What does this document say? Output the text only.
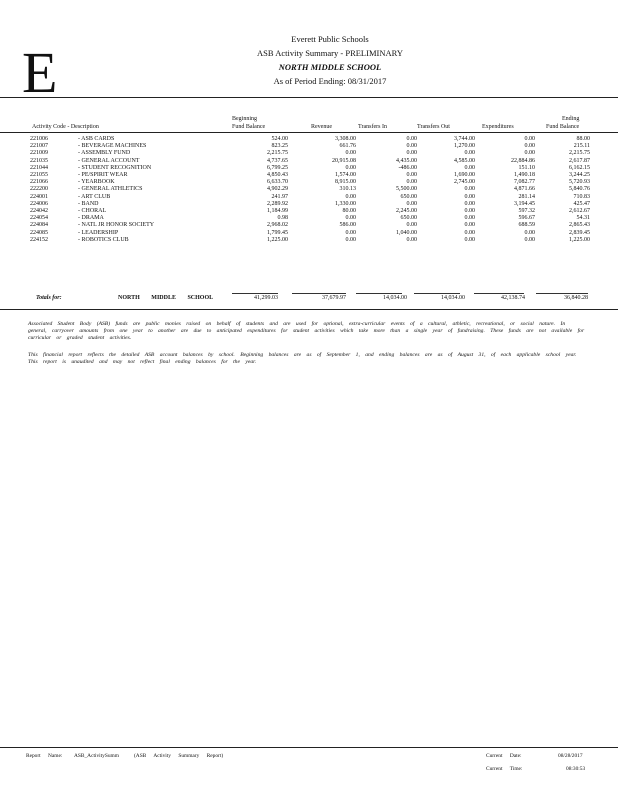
E
Everett Public Schools
ASB Activity Summary - PRELIMINARY
NORTH MIDDLE SCHOOL
As of Period Ending: 08/31/2017
Activity Code - Description
Beginning
Fund Balance	Revenue	Transfers In	Transfers Out	Expenditures
Ending
Fund Balance
221006	- ASB CARDS	524.00	3,308.00	0.00	3,744.00	0.00	88.00
221007	- BEVERAGE MACHINES	823.25	661.76	0.00	1,270.00	0.00	215.11
221009	- ASSEMBLY FUND	2,215.75	0.00	0.00	0.00	0.00	2,215.75
221035	- GENERAL ACCOUNT	4,737.65	20,915.08	4,435.00	4,585.00	22,884.86	2,617.87
221044	- STUDENT RECOGNITION	6,799.25	0.00	-486.00	0.00	151.10	6,162.15
221055	- PE/SPIRIT WEAR	4,850.43	1,574.00	0.00	1,690.00	1,490.18	3,244.25
221066	- YEARBOOK	6,633.70	8,915.00	0.00	2,745.00	7,082.77	5,720.93
222200	- GENERAL ATHLETICS	4,902.29	310.13	5,500.00	0.00	4,871.66	5,840.76
224001	- ART CLUB	241.97	0.00	650.00	0.00	281.14	710.83
224006	- BAND	2,289.92	1,330.00	0.00	0.00	3,194.45	425.47
224042	- CHORAL	1,184.99	80.00	2,245.00	0.00	597.32	2,612.67
224054	- DRAMA	0.98	0.00	650.00	0.00	596.67	54.31
224084	- NATL JR HONOR SOCIETY	2,968.02	586.00	0.00	0.00	688.59	2,865.43
224085	- LEADERSHIP	1,799.45	0.00	1,040.00	0.00	0.00	2,839.45
224152	- ROBOTICS CLUB	1,225.00	0.00	0.00	0.00	0.00	1,225.00
Totals for:	NORTH MIDDLE SCHOOL	41,299.03	37,679.97	14,034.00	14,034.00	42,138.74	36,840.28
Associated Student Body (ASB) funds are public monies raised on behalf of students and are used for optional, extra-curricular events of a cultural, athletic, recreational, or social nature. In general, carryover amounts from one year to another are due to anticipated expenditures for student activities which take more than a single year of fundraising. These funds are not available for curricular or graded student activities.
This financial report reflects the detailed ASB account balances by school. Beginning balances are as of September 1, and ending balances are as of August 31, of each applicable school year. This report is unaudited and may not reflect final ending balances for the year.
Report Name: ASB_ActivitySumm	(ASB Activity Summary Report)	Current Date:	08/28/2017
Current Time:	08:30:53
